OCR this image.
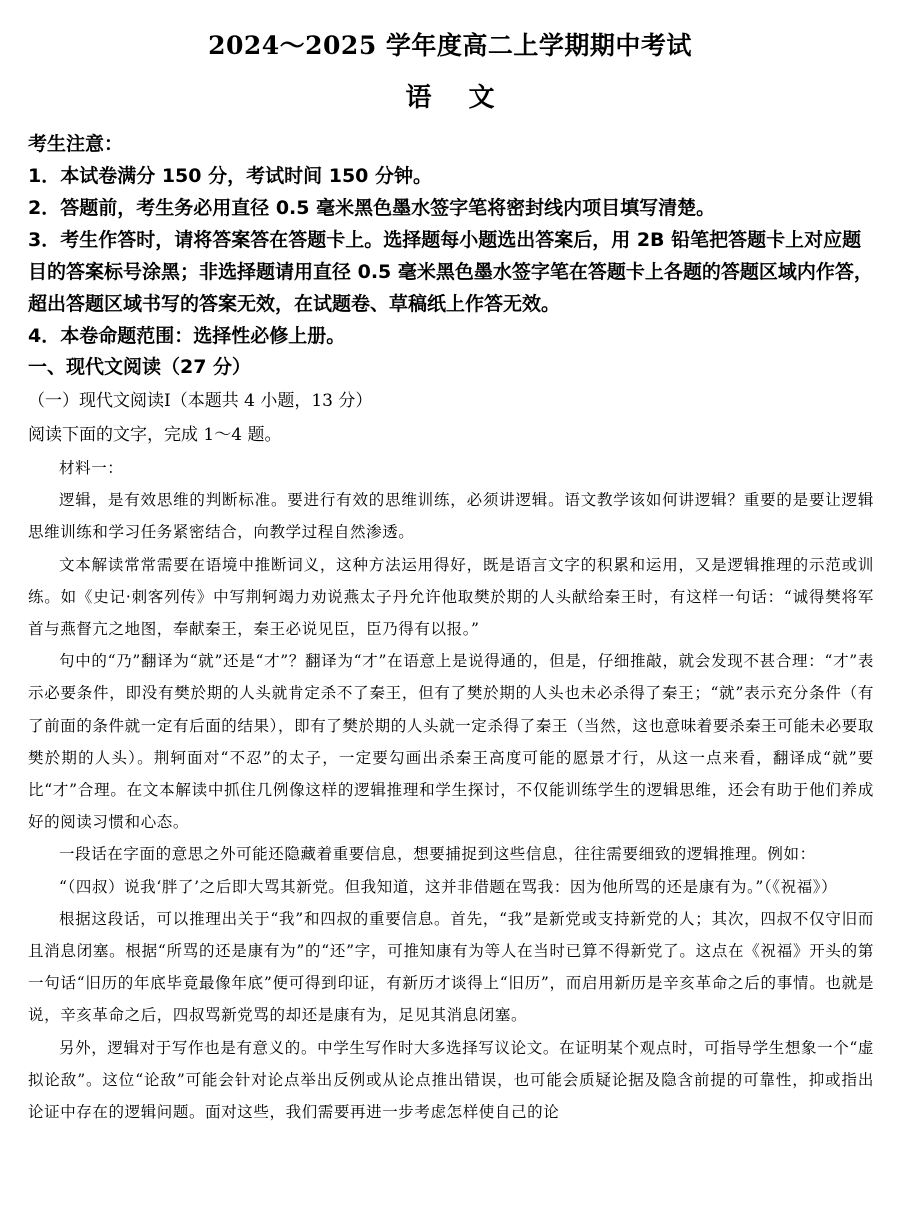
2024～2025 学年度高二上学期期中考试
语 文

考生注意：

1．本试卷满分 150 分，考试时间 150 分钟。

2．答题前，考生务必用直径 0.5 毫米黑色墨水签字笔将密封线内项目填写清楚。

3．考生作答时，请将答案答在答题卡上。选择题每小题选出答案后，用 2B 铅笔把答题卡上对应题目的答案标号涂黑；非选择题请用直径 0.5 毫米黑色墨水签字笔在答题卡上各题的答题区域内作答，超出答题区域书写的答案无效，在试题卷、草稿纸上作答无效。

4．本卷命题范围：选择性必修上册。

一、现代文阅读（27 分）
（一）现代文阅读Ⅰ（本题共 4 小题，13 分）
阅读下面的文字，完成 1～4 题。

材料一：

逻辑，是有效思维的判断标准。要进行有效的思维训练，必须讲逻辑。语文教学该如何讲逻辑？重要的是要让逻辑思维训练和学习任务紧密结合，向教学过程自然渗透。

文本解读常常需要在语境中推断词义，这种方法运用得好，既是语言文字的积累和运用，又是逻辑推理的示范或训练。如《史记·刺客列传》中写荆轲竭力劝说燕太子丹允许他取樊於期的人头献给秦王时，有这样一句话：“诚得樊将军首与燕督亢之地图，奉献秦王，秦王必说见臣，臣乃得有以报。”

句中的“乃”翻译为“就”还是“才”？翻译为“才”在语意上是说得通的，但是，仔细推敲，就会发现不甚合理：“才”表示必要条件，即没有樊於期的人头就肯定杀不了秦王，但有了樊於期的人头也未必杀得了秦王；“就”表示充分条件（有了前面的条件就一定有后面的结果），即有了樊於期的人头就一定杀得了秦王（当然，这也意味着要杀秦王可能未必要取樊於期的人头）。荆轲面对“不忍”的太子，一定要勾画出杀秦王高度可能的愿景才行，从这一点来看，翻译成“就”要比“才”合理。在文本解读中抓住几例像这样的逻辑推理和学生探讨，不仅能训练学生的逻辑思维，还会有助于他们养成好的阅读习惯和心态。

一段话在字面的意思之外可能还隐藏着重要信息，想要捕捉到这些信息，往往需要细致的逻辑推理。例如：

“（四叔）说我‘胖了’之后即大骂其新党。但我知道，这并非借题在骂我：因为他所骂的还是康有为。”（《祝福》）

根据这段话，可以推理出关于“我”和四叔的重要信息。首先，“我”是新党或支持新党的人；其次，四叔不仅守旧而且消息闭塞。根据“所骂的还是康有为”的“还”字，可推知康有为等人在当时已算不得新党了。这点在《祝福》开头的第一句话“旧历的年底毕竟最像年底”便可得到印证，有新历才谈得上“旧历”，而启用新历是辛亥革命之后的事情。也就是说，辛亥革命之后，四叔骂新党骂的却还是康有为，足见其消息闭塞。

另外，逻辑对于写作也是有意义的。中学生写作时大多选择写议论文。在证明某个观点时，可指导学生想象一个“虚拟论敌”。这位“论敌”可能会针对论点举出反例或从论点推出错误，也可能会质疑论据及隐含前提的可靠性，抑或指出论证中存在的逻辑问题。面对这些，我们需要再进一步考虑怎样使自己的论
